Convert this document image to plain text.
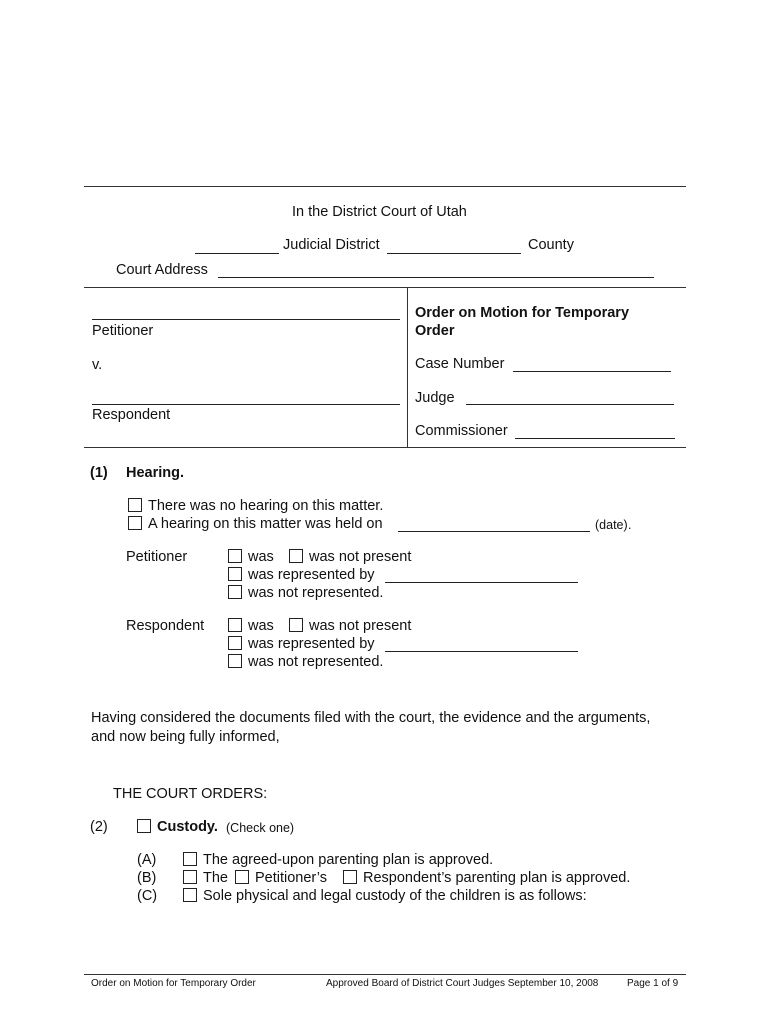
In the District Court of Utah
Judicial District	County
Court Address
Petitioner
v.
Respondent
Order on Motion for Temporary
Order
Case Number
Judge
Commissioner
(1) Hearing.
There was no hearing on this matter.
A hearing on this matter was held on	(date) .
Petitioner	was was not present
was represented by
was not represented.
Respondent	was was not present
was represented by
was not represented.
Having considered the documents filed with the court, the evidence and the arguments,
and now being fully informed,
THE COURT ORDERS:
(2)	Custody. (Check one)
(A)	The agreed-upon parenting plan is approved.
(B)	The Petitioner’s Respondent’s parenting plan is approved.
(C)	Sole physical and legal custody of the children is as follows:
Order on Motion for Temporary Order	Approved Board of District Court Judges September 10, 2008	Page 1 of 9
